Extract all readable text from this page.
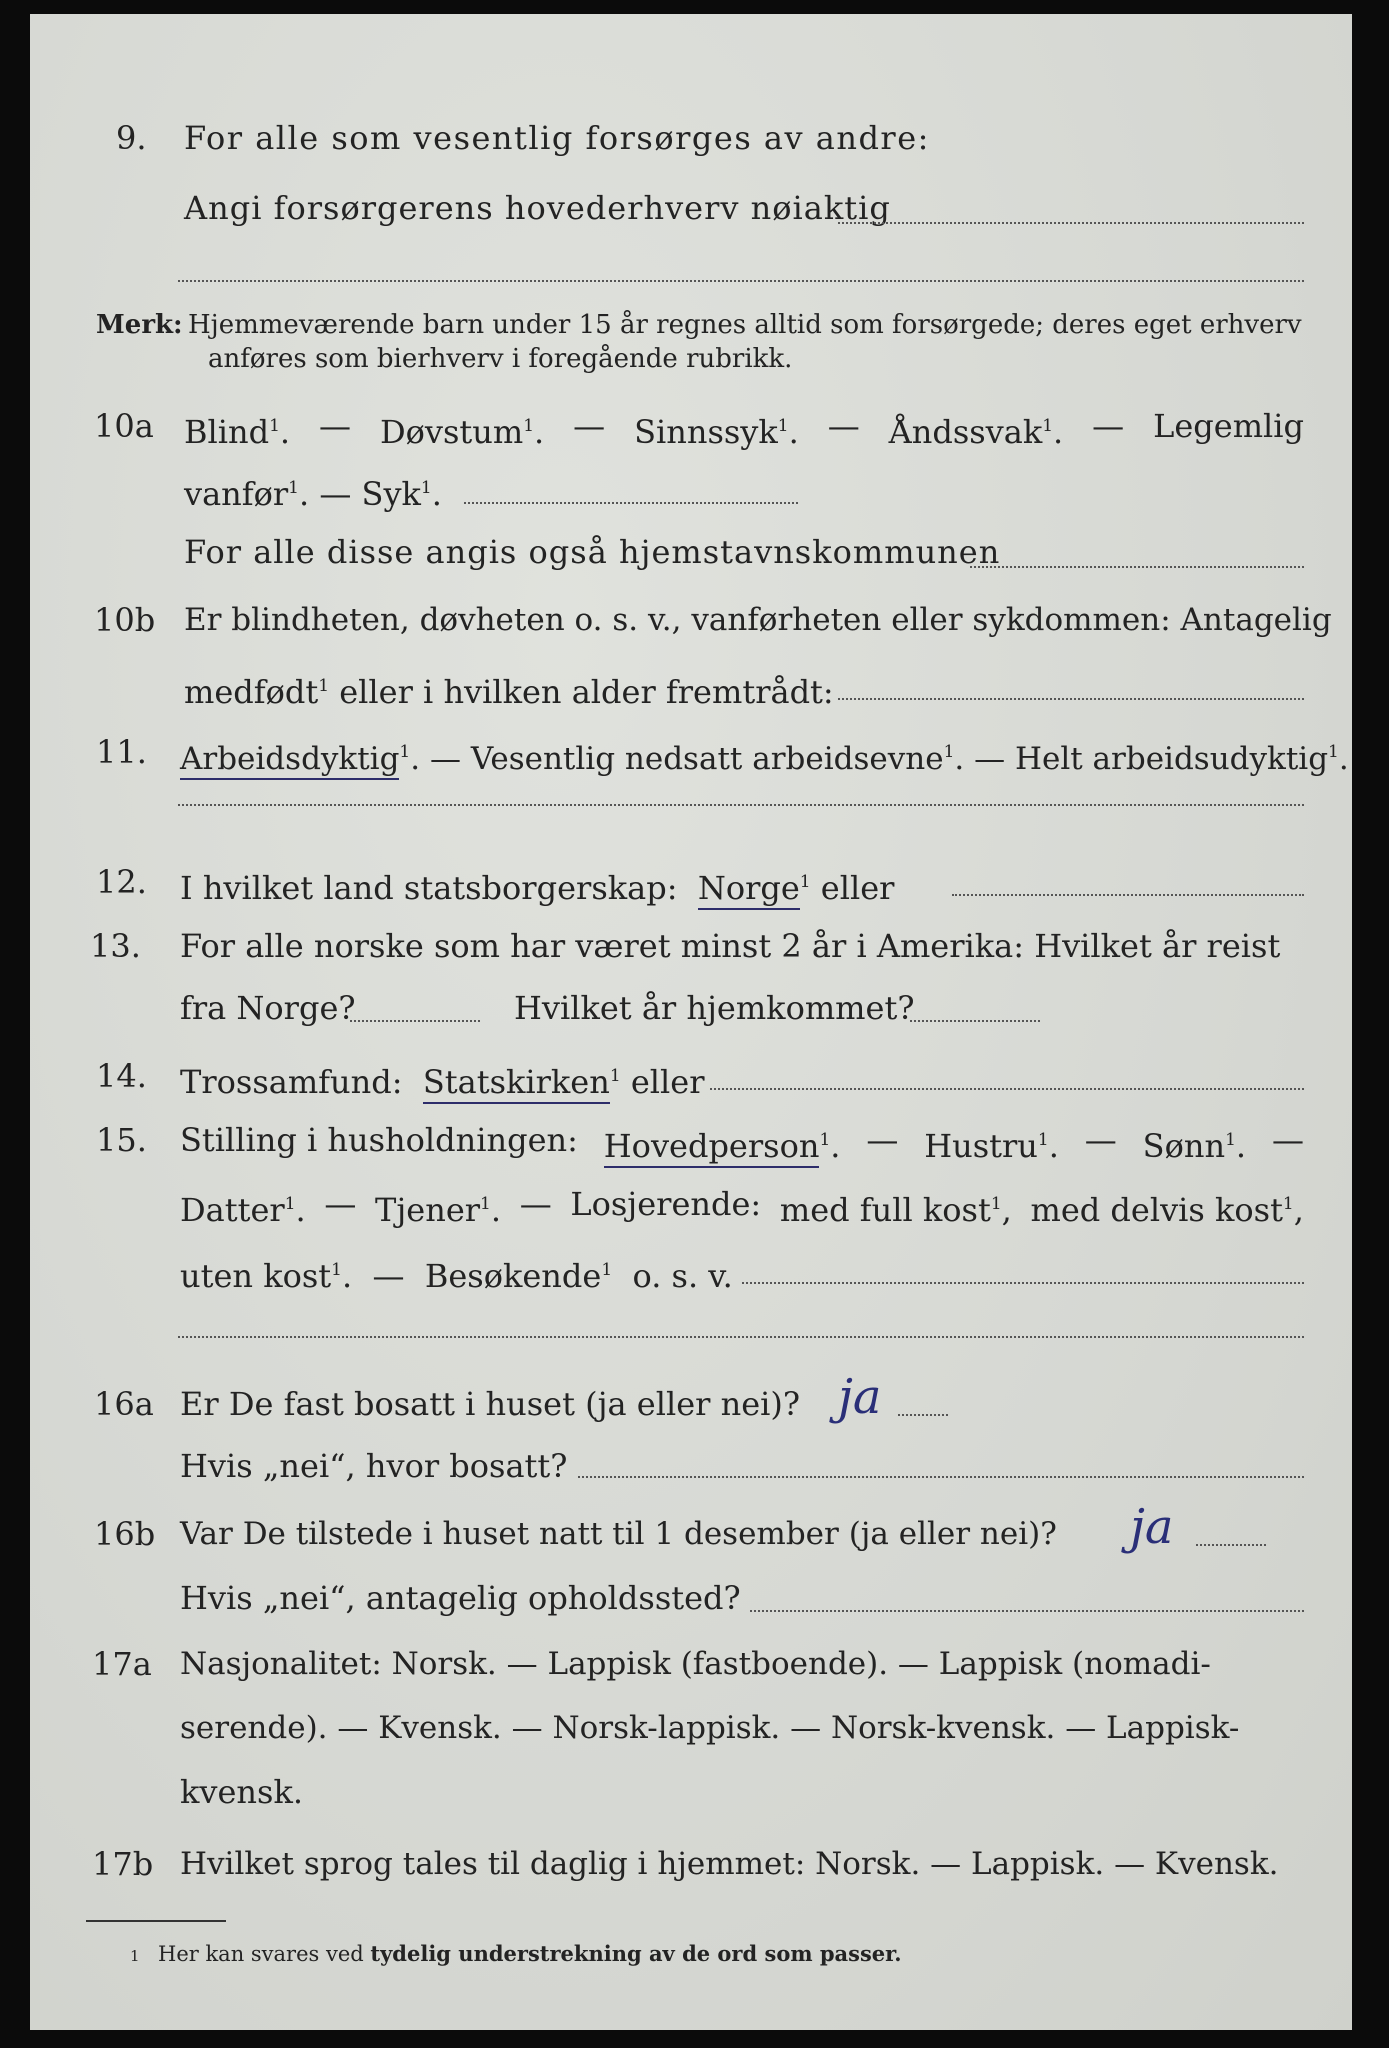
9. For alle som vesentlig forsørges av andre:
Angi forsørgerens hovederhverv nøiaktig
Merk: Hjemmeværende barn under 15 år regnes alltid som forsørgede; deres eget erhverv
anføres som bierhverv i foregående rubrikk.
10a Blind$^1$. — Døvstum$^1$. — Sinnssyk$^1$. — Åndssvak$^1$. — Legemlig
vanfør$^1$. — Syk$^1$.
For alle disse angis også hjemstavnskommunen
10b Er blindheten, døvheten o. s. v., vanførheten eller sykdommen: Antagelig
medfødt$^1$ eller i hvilken alder fremtrådt:
11. Arbeidsdyktig$^1$. — Vesentlig nedsatt arbeidsevne$^1$. — Helt arbeidsudyktig$^1$.
12. I hvilket land statsborgerskap: Norge$^1$ eller
13. For alle norske som har været minst 2 år i Amerika: Hvilket år reist
fra Norge?	Hvilket år hjemkommet?
14. Trossamfund: Statskirken$^1$ eller
15. Stilling i husholdningen: Hovedperson$^1$. — Hustru$^1$. — Sønn$^1$. —
Datter$^1$. — Tjener$^1$. — Losjerende: med full kost$^1$, med delvis kost$^1$,
uten kost$^1$.  —  Besøkende$^1$ o. s. v.
16a Er De fast bosatt i huset (ja eller nei)? ja
Hvis „nei“, hvor bosatt?
16b Var De tilstede i huset natt til 1 desember (ja eller nei)? ja
Hvis „nei“, antagelig opholdssted?
17a Nasjonalitet: Norsk. — Lappisk (fastboende). — Lappisk (nomadi-
serende). — Kvensk. — Norsk-lappisk. — Norsk-kvensk. — Lappisk-
kvensk.
17b Hvilket sprog tales til daglig i hjemmet: Norsk. — Lappisk. — Kvensk.
1 Her kan svares ved tydelig understrekning av de ord som passer.
